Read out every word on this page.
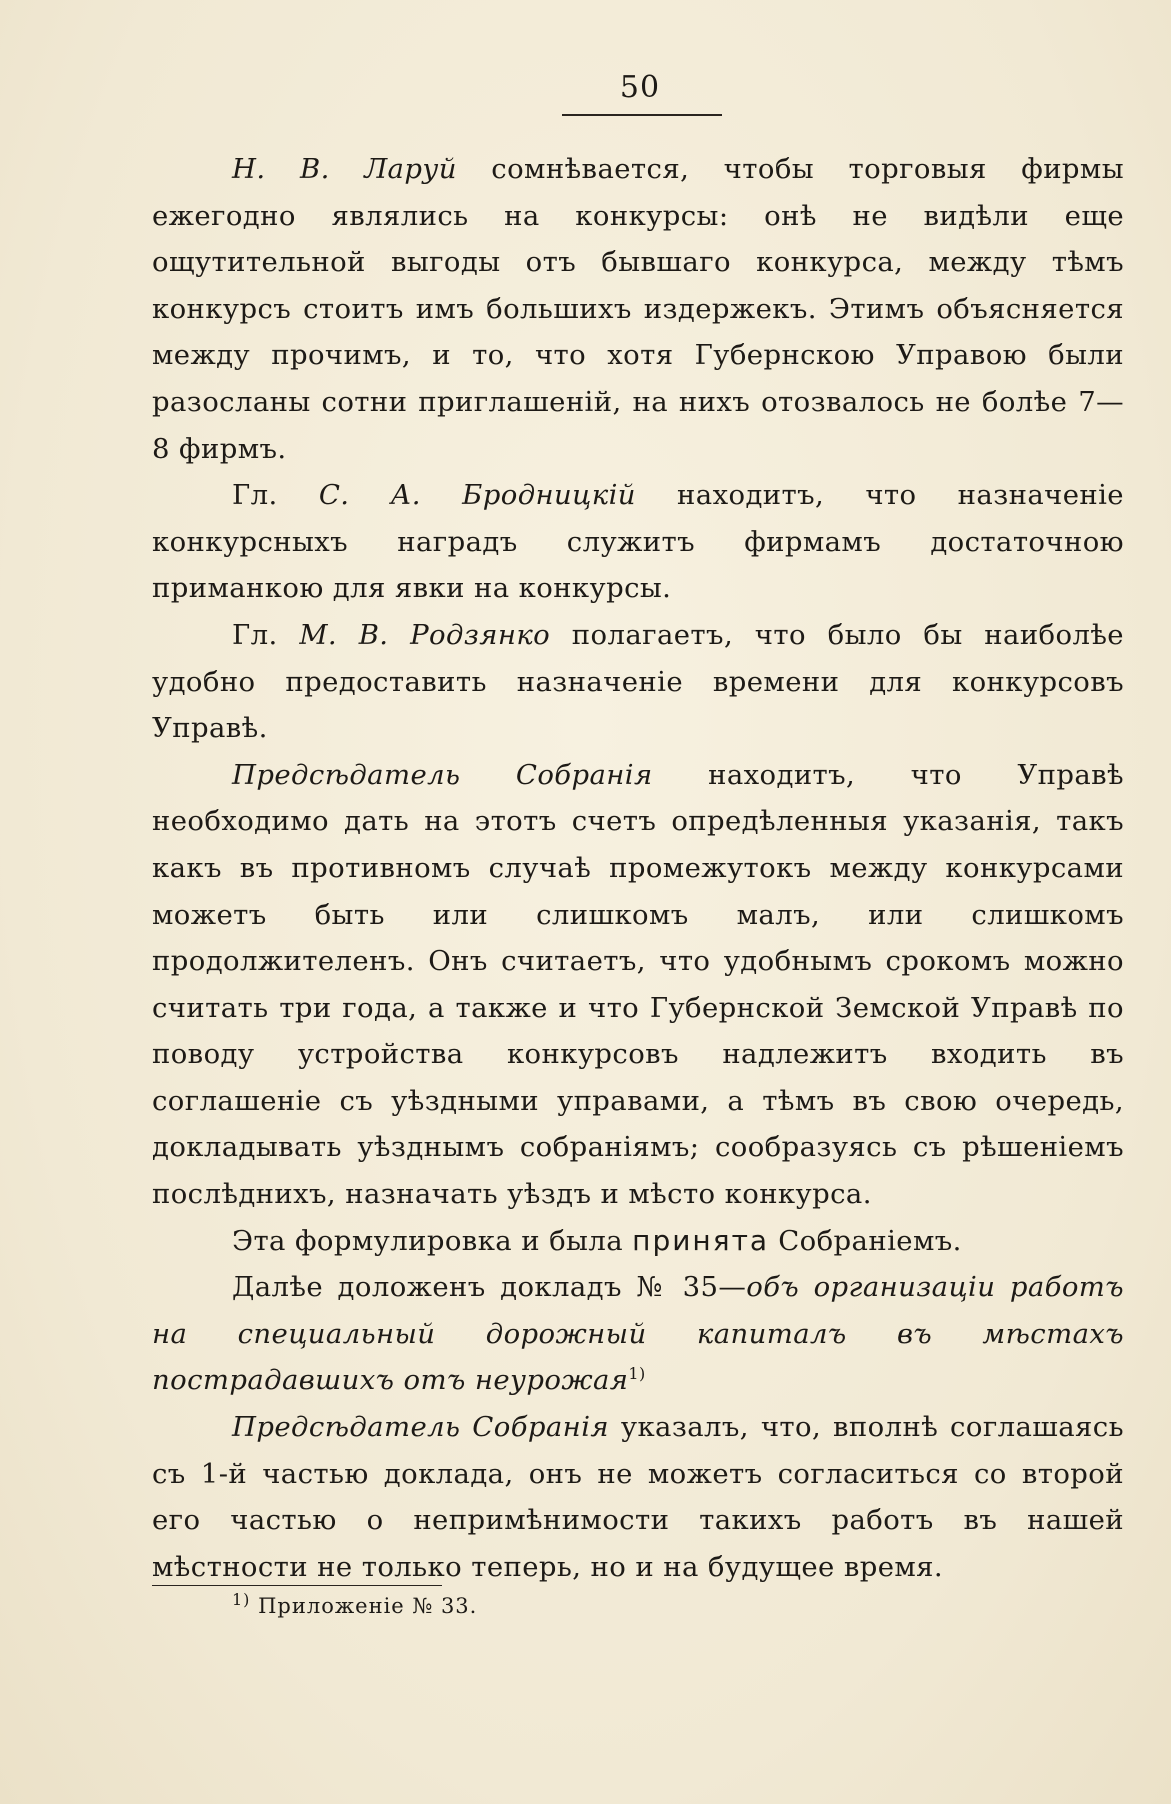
50

Н. В. Ларуй сомнѣвается, чтобы торговыя фирмы ежегодно являлись на конкурсы: онѣ не видѣли еще ощутительной выгоды отъ бывшаго конкурса, между тѣмъ конкурсъ стоитъ имъ большихъ издержекъ. Этимъ объясняется между прочимъ, и то, что хотя Губернскою Управою были разосланы сотни приглашеній, на нихъ отозвалось не болѣе 7—8 фирмъ.

Гл. С. А. Бродницкій находитъ, что назначеніе конкурсныхъ наградъ служитъ фирмамъ достаточною приманкою для явки на конкурсы.

Гл. М. В. Родзянко полагаетъ, что было бы наиболѣе удобно предоставить назначеніе времени для конкурсовъ Управѣ.

Предсѣдатель Собранія находитъ, что Управѣ необходимо дать на этотъ счетъ опредѣленныя указанія, такъ какъ въ противномъ случаѣ промежутокъ между конкурсами можетъ быть или слишкомъ малъ, или слишкомъ продолжителенъ. Онъ считаетъ, что удобнымъ срокомъ можно считать три года, а также и что Губернской Земской Управѣ по поводу устройства конкурсовъ надлежитъ входить въ соглашеніе съ уѣздными управами, а тѣмъ въ свою очередь, докладывать уѣзднымъ собраніямъ; сообразуясь съ рѣшеніемъ послѣднихъ, назначать уѣздъ и мѣсто конкурса.

Эта формулировка и была принята Собраніемъ.

Далѣе доложенъ докладъ № 35—объ организаціи работъ на специальный дорожный капиталъ въ мѣстахъ пострадавшихъ отъ неурожая$^{1)}$

Предсѣдатель Собранія указалъ, что, вполнѣ соглашаясь съ 1-й частью доклада, онъ не можетъ согласиться со второй его частью о непримѣнимости такихъ работъ въ нашей мѣстности не только теперь, но и на будущее время.

$^{1)}$ Приложеніе № 33.
